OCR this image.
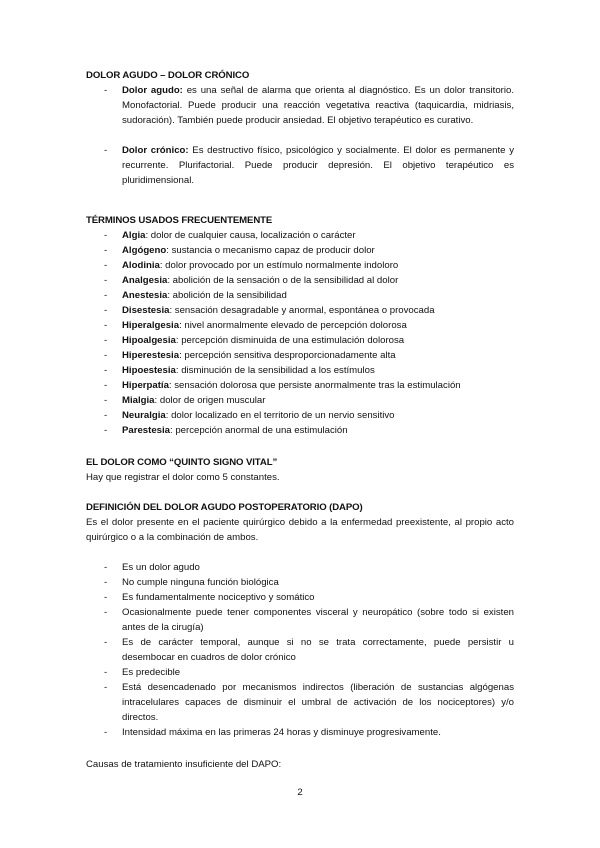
DOLOR AGUDO – DOLOR CRÓNICO
- Dolor agudo: es una señal de alarma que orienta al diagnóstico. Es un dolor transitorio. Monofactorial. Puede producir una reacción vegetativa reactiva (taquicardia, midriasis, sudoración). También puede producir ansiedad. El objetivo terapéutico es curativo.
- Dolor crónico: Es destructivo físico, psicológico y socialmente. El dolor es permanente y recurrente. Plurifactorial. Puede producir depresión. El objetivo terapéutico es pluridimensional.
TÉRMINOS USADOS FRECUENTEMENTE
- Algia: dolor de cualquier causa, localización o carácter
- Algógeno: sustancia o mecanismo capaz de producir dolor
- Alodinia: dolor provocado por un estímulo normalmente indoloro
- Analgesia: abolición de la sensación o de la sensibilidad al dolor
- Anestesia: abolición de la sensibilidad
- Disestesia: sensación desagradable y anormal, espontánea o provocada
- Hiperalgesia: nivel anormalmente elevado de percepción dolorosa
- Hipoalgesia: percepción disminuida de una estimulación dolorosa
- Hiperestesia: percepción sensitiva desproporcionadamente alta
- Hipoestesia: disminución de la sensibilidad a los estímulos
- Hiperpatía: sensación dolorosa que persiste anormalmente tras la estimulación
- Mialgia: dolor de origen muscular
- Neuralgia: dolor localizado en el territorio de un nervio sensitivo
- Parestesia: percepción anormal de una estimulación
EL DOLOR COMO “QUINTO SIGNO VITAL”
Hay que registrar el dolor como 5 constantes.
DEFINICIÓN DEL DOLOR AGUDO POSTOPERATORIO (DAPO)
Es el dolor presente en el paciente quirúrgico debido a la enfermedad preexistente, al propio acto quirúrgico o a la combinación de ambos.
- Es un dolor agudo
- No cumple ninguna función biológica
- Es fundamentalmente nociceptivo y somático
- Ocasionalmente puede tener componentes visceral y neuropático (sobre todo si existen antes de la cirugía)
- Es de carácter temporal, aunque si no se trata correctamente, puede persistir u desembocar en cuadros de dolor crónico
- Es predecible
- Está desencadenado por mecanismos indirectos (liberación de sustancias algógenas intracelulares capaces de disminuir el umbral de activación de los nociceptores) y/o directos.
- Intensidad máxima en las primeras 24 horas y disminuye progresivamente.
Causas de tratamiento insuficiente del DAPO:
2
